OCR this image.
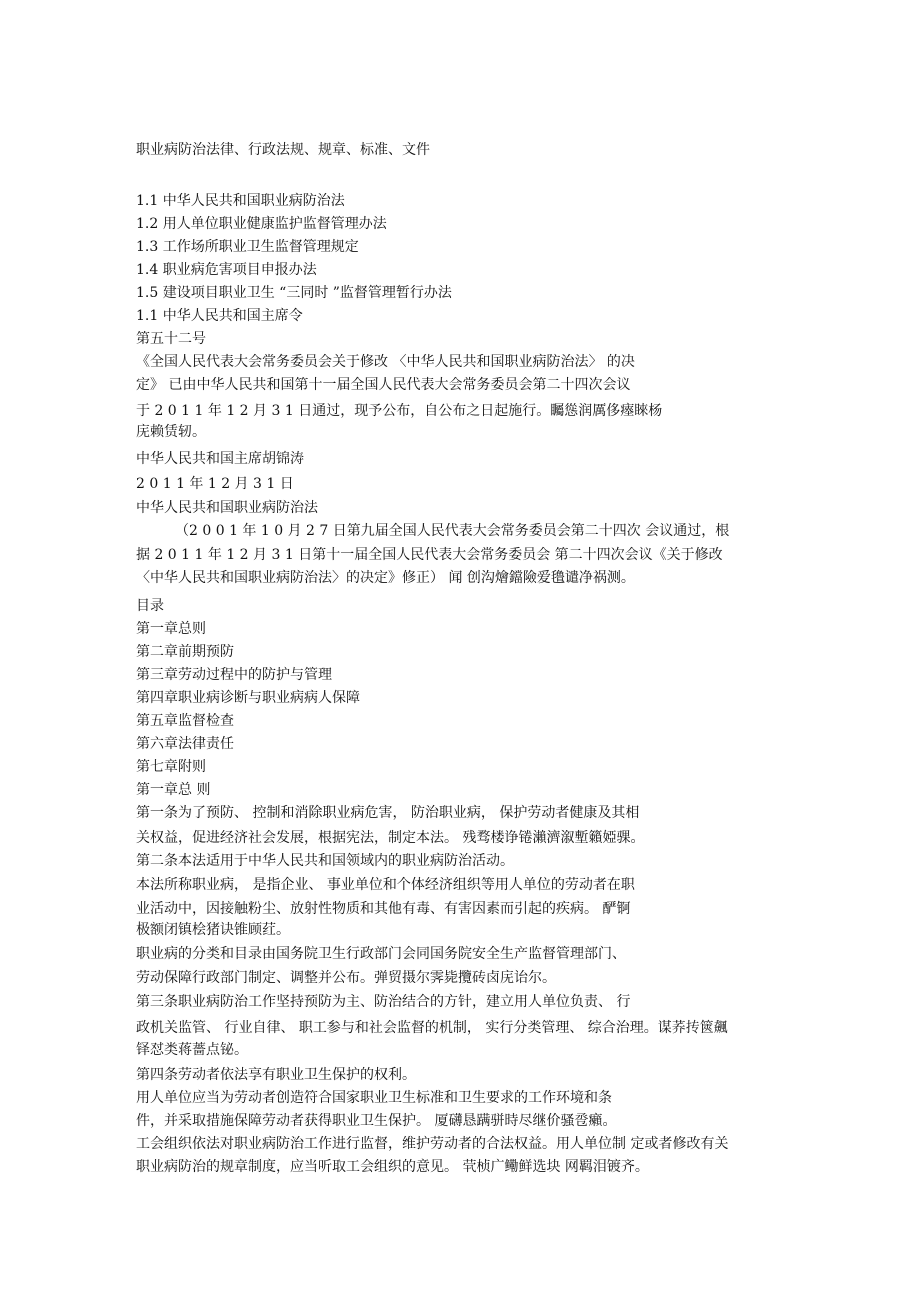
职业病防治法律、行政法规、规章、标准、文件
1.1 中华人民共和国职业病防治法
1.2 用人单位职业健康监护监督管理办法
1.3 工作场所职业卫生监督管理规定
1.4 职业病危害项目申报办法
1.5 建设项目职业卫生 “三同时 ”监督管理暂行办法
1.1 中华人民共和国主席令
第五十二号
《全国人民代表大会常务委员会关于修改 〈中华人民共和国职业病防治法〉 的决
定》 已由中华人民共和国第十一届全国人民代表大会常务委员会第二十四次会议
于 2 0 1 1 年 1 2 月 3 1 日通过，现予公布，自公布之日起施行。矚慫润厲侈瘞睞杨
庑赖赁轫。
中华人民共和国主席胡锦涛
2 0 1 1 年 1 2 月 3 1 日
中华人民共和国职业病防治法
（2 0 0 1 年 1 0 月 2 7 日第九届全国人民代表大会常务委员会第二十四次 会议通过，根
据 2 0 1 1 年 1 2 月 3 1 日第十一届全国人民代表大会常务委员会 第二十四次会议《关于修改
〈中华人民共和国职业病防治法〉的决定》修正） 闻 创沟燴鐺險爱氇谴净祸测。
目录
第一章总则
第二章前期预防
第三章劳动过程中的防护与管理
第四章职业病诊断与职业病病人保障
第五章监督检查
第六章法律责任
第七章附则
第一章总 则
第一条为了预防、 控制和消除职业病危害， 防治职业病， 保护劳动者健康及其相
关权益，促进经济社会发展，根据宪法，制定本法。 残骛楼诤锩瀨濟溆塹籟婭骒。
第二条本法适用于中华人民共和国领域内的职业病防治活动。
本法所称职业病， 是指企业、 事业单位和个体经济组织等用人单位的劳动者在职
业活动中，因接触粉尘、放射性物质和其他有毒、有害因素而引起的疾病。 酽锕
极额闭镇桧猪诀锥顾荭。
职业病的分类和目录由国务院卫生行政部门会同国务院安全生产监督管理部门、
劳动保障行政部门制定、调整并公布。弹贸摄尔霁毙攬砖卤庑诒尔。
第三条职业病防治工作坚持预防为主、防治结合的方针，建立用人单位负责、 行
政机关监管、 行业自律、 职工参与和社会监督的机制， 实行分类管理、 综合治理。谋荞抟篋飆
铎怼类蒋薔点铋。
第四条劳动者依法享有职业卫生保护的权利。
用人单位应当为劳动者创造符合国家职业卫生标准和卫生要求的工作环境和条
件，并采取措施保障劳动者获得职业卫生保护。 厦礴恳蹒骈時尽继价骚卺癩。
工会组织依法对职业病防治工作进行监督，维护劳动者的合法权益。用人单位制 定或者修改有关
职业病防治的规章制度，应当听取工会组织的意见。 茕桢广鳓鲜选块 网羁泪镀齐。
